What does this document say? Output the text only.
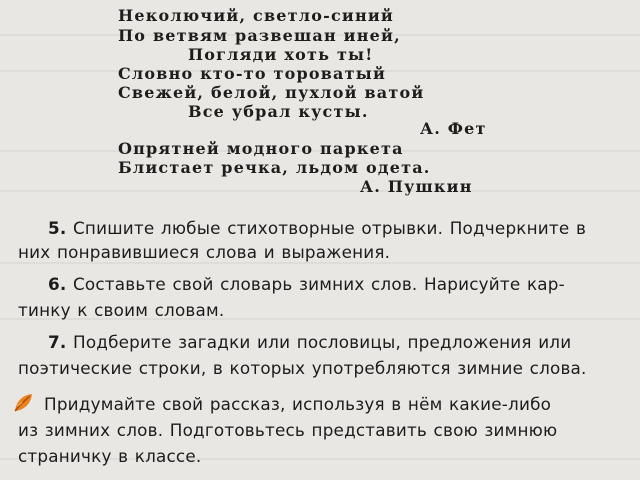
Неколючий, светло-синий
По ветвям развешан иней,
Погляди хоть ты!
Словно кто-то тороватый
Свежей, белой, пухлой ватой
Все убрал кусты.
А. Фет
Опрятней модного паркета
Блистает речка, льдом одета.
А. Пушкин
5. Спишите любые стихотворные отрывки. Подчеркните в
них понравившиеся слова и выражения.
6. Составьте свой словарь зимних слов. Нарисуйте кар-
тинку к своим словам.
7. Подберите загадки или пословицы, предложения или
поэтические строки, в которых употребляются зимние слова.
Придумайте свой рассказ, используя в нём какие-либо
из зимних слов. Подготовьтесь представить свою зимнюю
страничку в классе.
